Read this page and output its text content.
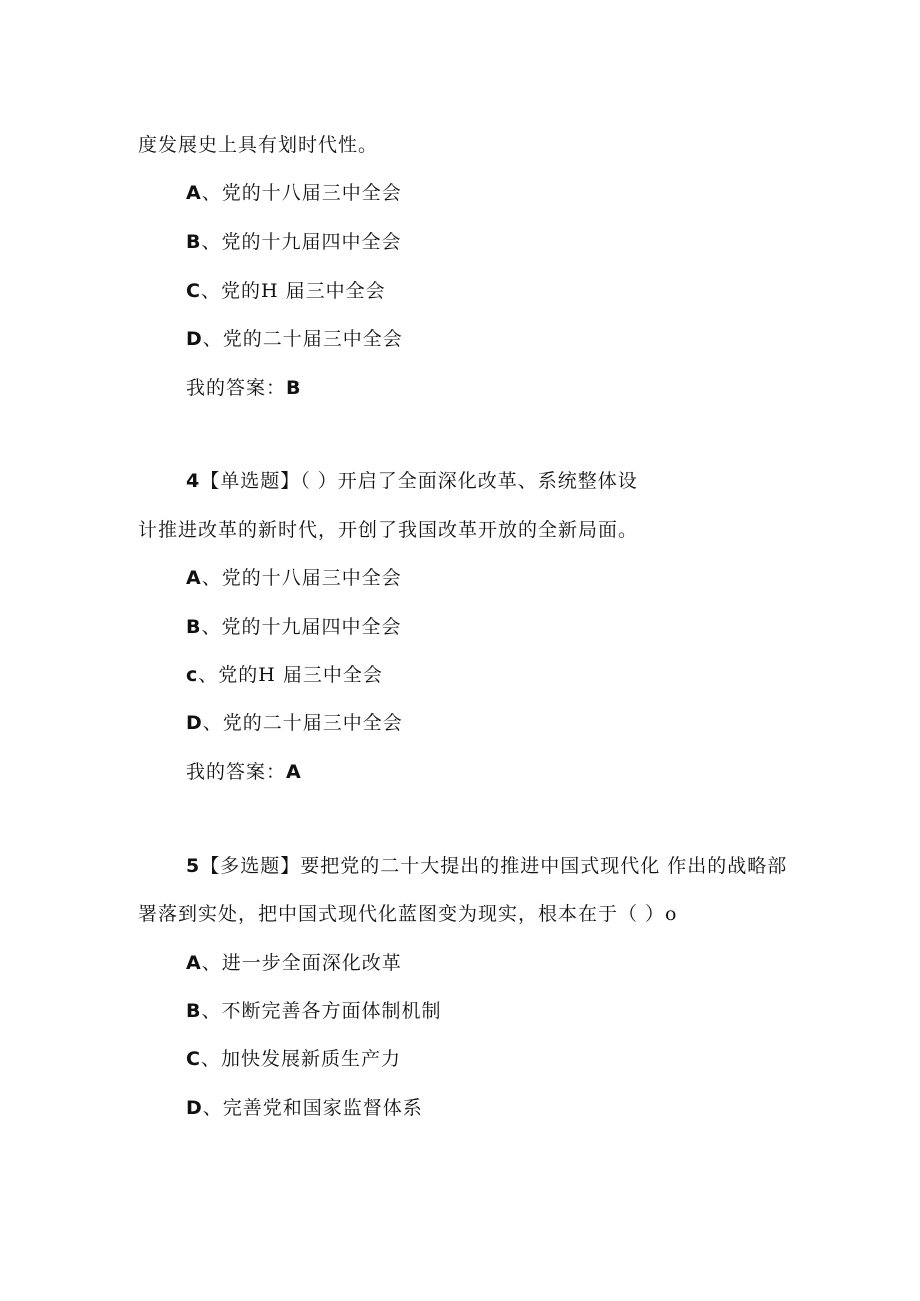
度发展史上具有划时代性。
A、党的十八届三中全会
B、党的十九届四中全会
C、党的H 届三中全会
D、党的二十届三中全会
我的答案：B
4【单选题】（ ）开启了全面深化改革、系统整体设
计推进改革的新时代，开创了我国改革开放的全新局面。
A、党的十八届三中全会
B、党的十九届四中全会
c、党的H 届三中全会
D、党的二十届三中全会
我的答案：A
5【多选题】要把党的二十大提出的推进中国式现代化 作出的战略部
署落到实处，把中国式现代化蓝图变为现实，根本在于（ ）o
A、进一步全面深化改革
B、不断完善各方面体制机制
C、加快发展新质生产力
D、完善党和国家监督体系
